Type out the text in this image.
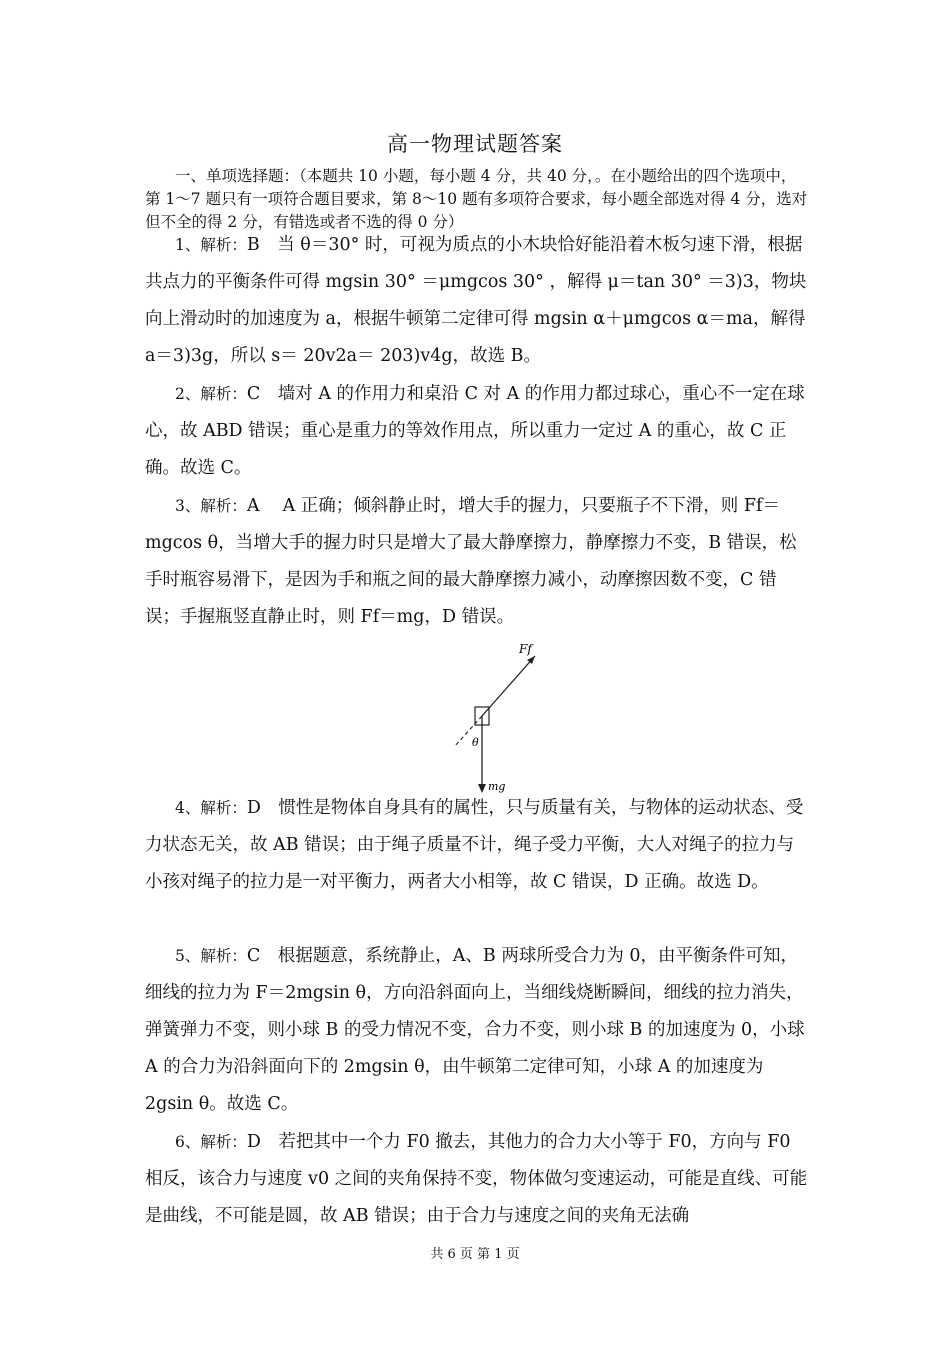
高一物理试题答案

一、单项选择题：（本题共 10 小题，每小题 4 分，共 40 分，。在小题给出的四个选项中，第 1～7 题只有一项符合题目要求，第 8～10 题有多项符合要求，每小题全部选对得 4 分，选对但不全的得 2 分，有错选或者不选的得 0 分）

1、解析：B　当 θ＝30° 时，可视为质点的小木块恰好能沿着木板匀速下滑，根据共点力的平衡条件可得 mgsin 30° ＝μmgcos 30° ，解得 μ＝tan 30° ＝3)3，物块向上滑动时的加速度为 a，根据牛顿第二定律可得 mgsin α＋μmgcos α＝ma，解得 a＝3)3g，所以 s＝ 20v2a＝ 203)v4g，故选 B。

2、解析：C　墙对 A 的作用力和桌沿 C 对 A 的作用力都过球心，重心不一定在球心，故 ABD 错误；重心是重力的等效作用点，所以重力一定过 A 的重心，故 C 正确。故选 C。

3、解析：A　 A 正确；倾斜静止时，增大手的握力，只要瓶子不下滑，则 Ff＝mgcos θ，当增大手的握力时只是增大了最大静摩擦力，静摩擦力不变，B 错误，松手时瓶容易滑下，是因为手和瓶之间的最大静摩擦力减小，动摩擦因数不变，C 错误；手握瓶竖直静止时，则 Ff＝mg，D 错误。

Ff
θ
mg

4、解析：D　惯性是物体自身具有的属性，只与质量有关，与物体的运动状态、受力状态无关，故 AB 错误；由于绳子质量不计，绳子受力平衡，大人对绳子的拉力与小孩对绳子的拉力是一对平衡力，两者大小相等，故 C 错误，D 正确。故选 D。

5、解析：C　根据题意，系统静止，A、B 两球所受合力为 0，由平衡条件可知，细线的拉力为 F＝2mgsin θ，方向沿斜面向上，当细线烧断瞬间，细线的拉力消失，弹簧弹力不变，则小球 B 的受力情况不变，合力不变，则小球 B 的加速度为 0，小球 A 的合力为沿斜面向下的 2mgsin θ，由牛顿第二定律可知，小球 A 的加速度为 2gsin θ。故选 C。

6、解析：D　若把其中一个力 F0 撤去，其他力的合力大小等于 F0，方向与 F0 相反，该合力与速度 v0 之间的夹角保持不变，物体做匀变速运动，可能是直线、可能是曲线，不可能是圆，故 AB 错误；由于合力与速度之间的夹角无法确

共 6 页 第 1 页
